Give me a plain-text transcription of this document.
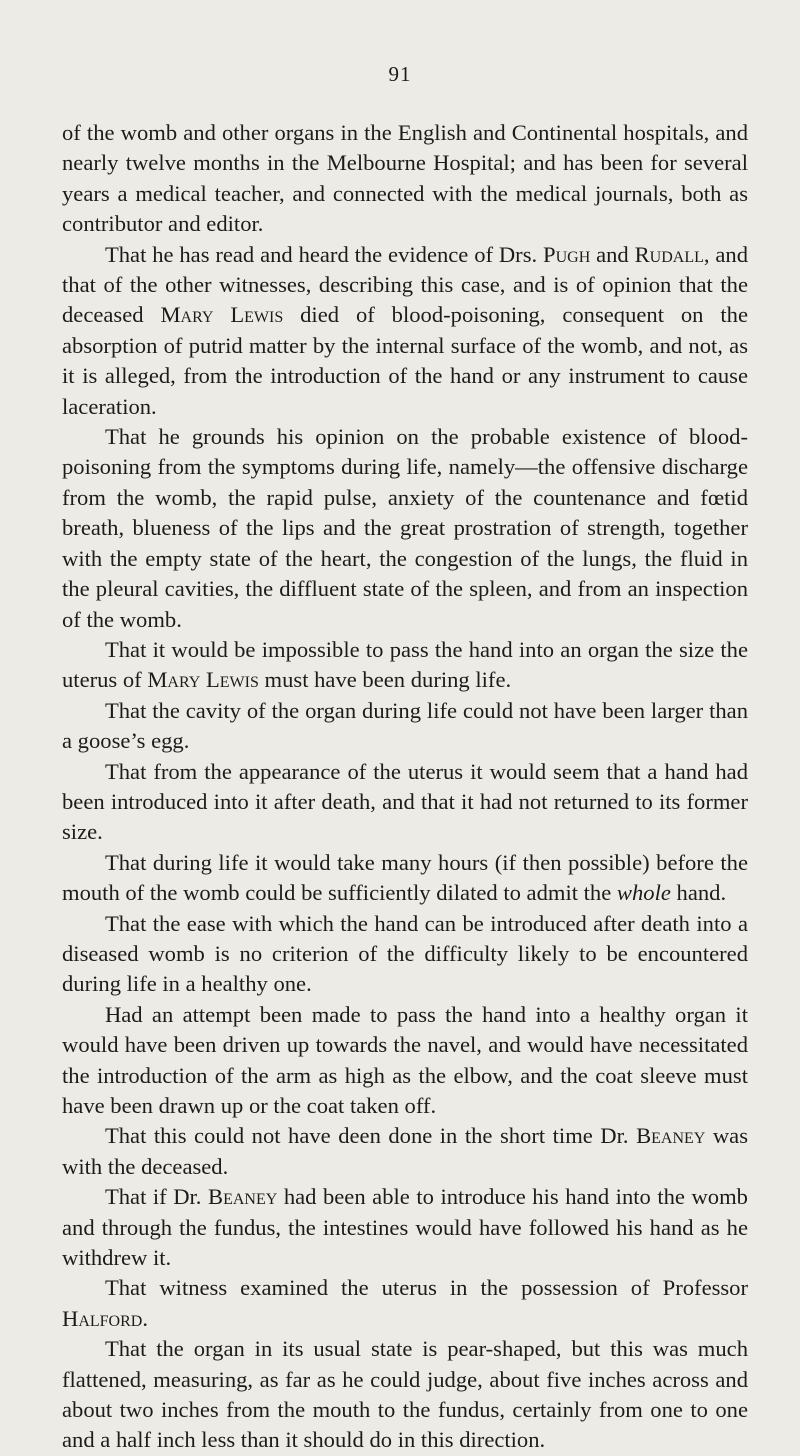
91

of the womb and other organs in the English and Continental hospitals, and nearly twelve months in the Melbourne Hospital; and has been for several years a medical teacher, and connected with the medical journals, both as contributor and editor.

That he has read and heard the evidence of Drs. Pugh and Rudall, and that of the other witnesses, describing this case, and is of opinion that the deceased Mary Lewis died of blood-poisoning, consequent on the absorption of putrid matter by the internal surface of the womb, and not, as it is alleged, from the introduction of the hand or any instrument to cause laceration.

That he grounds his opinion on the probable existence of blood-poisoning from the symptoms during life, namely—the offensive discharge from the womb, the rapid pulse, anxiety of the countenance and fœtid breath, blueness of the lips and the great prostration of strength, together with the empty state of the heart, the congestion of the lungs, the fluid in the pleural cavities, the diffluent state of the spleen, and from an inspection of the womb.

That it would be impossible to pass the hand into an organ the size the uterus of Mary Lewis must have been during life.

That the cavity of the organ during life could not have been larger than a goose’s egg.

That from the appearance of the uterus it would seem that a hand had been introduced into it after death, and that it had not returned to its former size.

That during life it would take many hours (if then possible) before the mouth of the womb could be sufficiently dilated to admit the whole hand.

That the ease with which the hand can be introduced after death into a diseased womb is no criterion of the difficulty likely to be encountered during life in a healthy one.

Had an attempt been made to pass the hand into a healthy organ it would have been driven up towards the navel, and would have necessitated the introduction of the arm as high as the elbow, and the coat sleeve must have been drawn up or the coat taken off.

That this could not have deen done in the short time Dr. Beaney was with the deceased.

That if Dr. Beaney had been able to introduce his hand into the womb and through the fundus, the intestines would have followed his hand as he withdrew it.

That witness examined the uterus in the possession of Professor Halford.

That the organ in its usual state is pear-shaped, but this was much flattened, measuring, as far as he could judge, about five inches across and about two inches from the mouth to the fundus, certainly from one to one and a half inch less than it should do in this direction.
